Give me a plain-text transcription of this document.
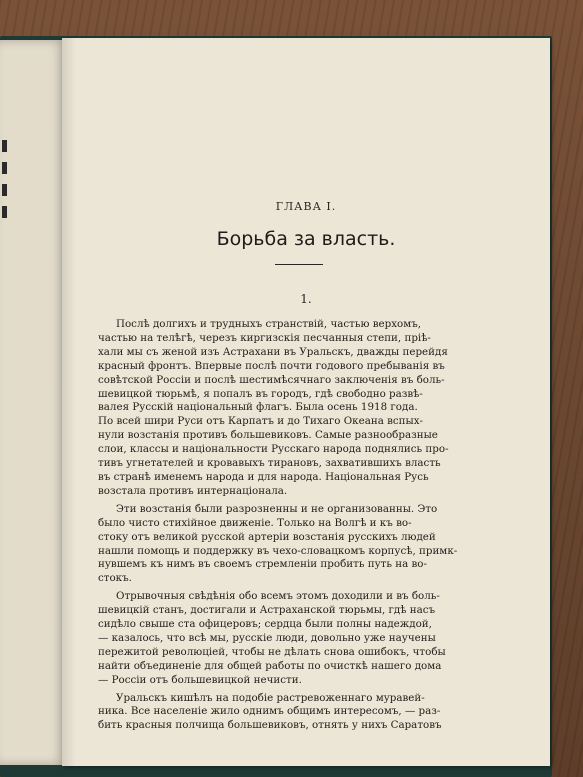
ГЛАВА I.
Борьба за власть.
1.
Послѣ долгихъ и трудныхъ странствій, частью верхомъ,
частью на телѣгѣ, черезъ киргизскія песчанныя степи, пріѣ-
хали мы съ женой изъ Астрахани въ Уральскъ, дважды перейдя
красный фронтъ. Впервые послѣ почти годового пребыванія въ
совѣтской Россіи и послѣ шестимѣсячнаго заключенія въ боль-
шевицкой тюрьмѣ, я попалъ въ городъ, гдѣ свободно развѣ-
валея Русскій національный флагъ. Была осень 1918 года.
По всей шири Руси отъ Карпатъ и до Тихаго Океана вспых-
нули возстанія противъ большевиковъ. Самые разнообразные
слои, классы и національности Русскаго народа поднялись про-
тивъ угнетателей и кровавыхъ тирановъ, захватившихъ власть
въ странѣ именемъ народа и для народа. Національная Русь
возстала противъ интернаціонала.
Эти возстанія были разрозненны и не организованны. Это
было чисто стихійное движеніе. Только на Волгѣ и къ во-
стоку отъ великой русской артеріи возстанія русскихъ людей
нашли помощь и поддержку въ чехо-словацкомъ корпусѣ, примк-
нувшемъ къ нимъ въ своемъ стремленіи пробить путь на во-
стокъ.
Отрывочныя свѣдѣнія обо всемъ этомъ доходили и въ боль-
шевицкій станъ, достигали и Астраханской тюрьмы, гдѣ насъ
сидѣло свыше ста офицеровъ; сердца были полны надеждой,
— казалось, что всѣ мы, русскіе люди, довольно уже научены
пережитой революціей, чтобы не дѣлать снова ошибокъ, чтобы
найти объединеніе для общей работы по очисткѣ нашего дома
— Россіи отъ большевицкой нечисти.
Уральскъ кишѣлъ на подобіе растревоженнаго муравей-
ника. Все населеніе жило однимъ общимъ интересомъ, — раз-
бить красныя полчища большевиковъ, отнять у нихъ Саратовъ
